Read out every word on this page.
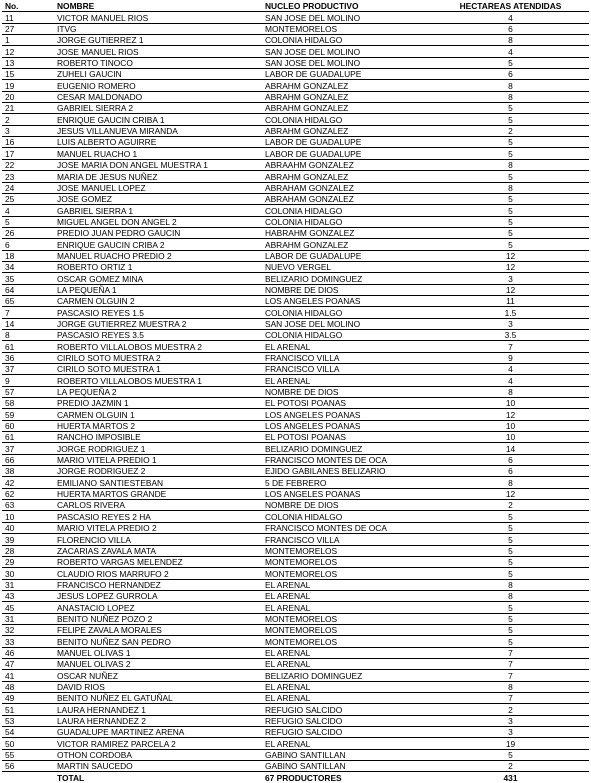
No.	NOMBRE	NUCLEO PRODUCTIVO	HECTAREAS ATENDIDAS
11	VICTOR MANUEL RIOS	SAN JOSE DEL MOLINO	4
27	ITVG	MONTEMORELOS	6
1	JORGE GUTIERREZ 1	COLONIA HIDALGO	8
12	JOSE MANUEL RIOS	SAN JOSE DEL MOLINO	4
13	ROBERTO TINOCO	SAN JOSE DEL MOLINO	5
15	ZUHELI GAUCIN	LABOR DE GUADALUPE	6
19	EUGENIO ROMERO	ABRAHM GONZALEZ	8
20	CESAR MALDONADO	ABRAHM GONZALEZ	8
21	GABRIEL SIERRA 2	ABRAHM GONZALEZ	5
2	ENRIQUE GAUCIN CRIBA 1	COLONIA HIDALGO	5
3	JESUS VILLANUEVA MIRANDA	ABRAHM GONZALEZ	2
16	LUIS ALBERTO AGUIRRE	LABOR DE GUADALUPE	5
17	MANUEL RUACHO 1	LABOR DE GUADALUPE	5
22	JOSE MARIA DON ANGEL MUESTRA 1	ABRAAHM GONZALEZ	8
23	MARIA DE JESUS NUÑEZ	ABRAHM GONZALEZ	5
24	JOSE MANUEL LOPEZ	ABRAHAM GONZALEZ	8
25	JOSE GOMEZ	ABRAHAM GONZALEZ	5
4	GABRIEL SIERRA 1	COLONIA HIDALGO	5
5	MIGUEL ANGEL DON ANGEL 2	COLONIA HIDALGO	5
26	PREDIO JUAN PEDRO GAUCIN	HABRAHM GONZALEZ	5
6	ENRIQUE GAUCIN CRIBA 2	ABRAHM GONZALEZ	5
18	MANUEL RUACHO PREDIO 2	LABOR DE GUADALUPE	12
34	ROBERTO ORTIZ 1	NUEVO VERGEL	12
35	OSCAR GOMEZ MINA	BELIZARIO DOMINGUEZ	3
64	LA PEQUEÑA 1	NOMBRE DE DIOS	12
65	CARMEN OLGUIN 2	LOS ANGELES POANAS	11
7	PASCASIO REYES 1.5	COLONIA HIDALGO	1.5
14	JORGE GUTIERREZ MUESTRA 2	SAN JOSE DEL MOLINO	3
8	PASCASIO REYES 3.5	COLONIA HIDALGO	3.5
61	ROBERTO VILLALOBOS MUESTRA 2	EL ARENAL	7
36	CIRILO SOTO MUESTRA 2	FRANCISCO VILLA	9
37	CIRILO SOTO MUESTRA 1	FRANCISCO VILLA	4
9	ROBERTO VILLALOBOS MUESTRA 1	EL ARENAL	4
57	LA PEQUEÑA 2	NOMBRE DE DIOS	8
58	PREDIO JAZMIN 1	EL POTOSI POANAS	10
59	CARMEN OLGUIN 1	LOS ANGELES POANAS	12
60	HUERTA MARTOS 2	LOS ANGELES POANAS	10
61	RANCHO IMPOSIBLE	EL POTOSI POANAS	10
37	JORGE RODRIGUEZ 1	BELIZARIO DOMINGUEZ	14
66	MARIO VITELA PREDIO 1	FRANCISCO MONTES DE OCA	6
38	JORGE RODRIGUEZ 2	EJIDO GABILANES BELIZARIO	6
42	EMILIANO SANTIESTEBAN	5 DE FEBRERO	8
62	HUERTA MARTOS GRANDE	LOS ANGELES POANAS	12
63	CARLOS RIVERA	NOMBRE DE DIOS	2
10	PASCASIO REYES 2 HA	COLONIA HIDALGO	5
40	MARIO VITELA PREDIO 2	FRANCISCO MONTES DE OCA	5
39	FLORENCIO VILLA	FRANCISCO VILLA	5
28	ZACARIAS ZAVALA MATA	MONTEMORELOS	5
29	ROBERTO VARGAS MELENDEZ	MONTEMORELOS	5
30	CLAUDIO RIOS MARRUFO 2	MONTEMORELOS	5
31	FRANCISCO HERNANDEZ	EL ARENAL	8
43	JESUS LOPEZ GURROLA	EL ARENAL	8
45	ANASTACIO LOPEZ	EL ARENAL	5
31	BENITO NUÑEZ POZO 2	MONTEMORELOS	5
32	FELIPE ZAVALA MORALES	MONTEMORELOS	5
33	BENITO NUÑEZ SAN PEDRO	MONTEMORELOS	5
46	MANUEL OLIVAS 1	EL ARENAL	7
47	MANUEL OLIVAS 2	EL ARENAL	7
41	OSCAR NUÑEZ	BELIZARIO DOMINGUEZ	7
48	DAVID RIOS	EL ARENAL	8
49	BENITO NUÑEZ EL GATUÑAL	EL ARENAL	7
51	LAURA HERNANDEZ 1	REFUGIO SALCIDO	2
53	LAURA HERNANDEZ 2	REFUGIO SALCIDO	3
54	GUADALUPE MARTINEZ ARENA	REFUGIO SALCIDO	3
50	VICTOR RAMIREZ PARCELA 2	EL ARENAL	19
55	OTHON CORDOBA	GABINO SANTILLAN	5
56	MARTIN SAUCEDO	GABINO SANTILLAN	2
	TOTAL	67 PRODUCTORES	431
